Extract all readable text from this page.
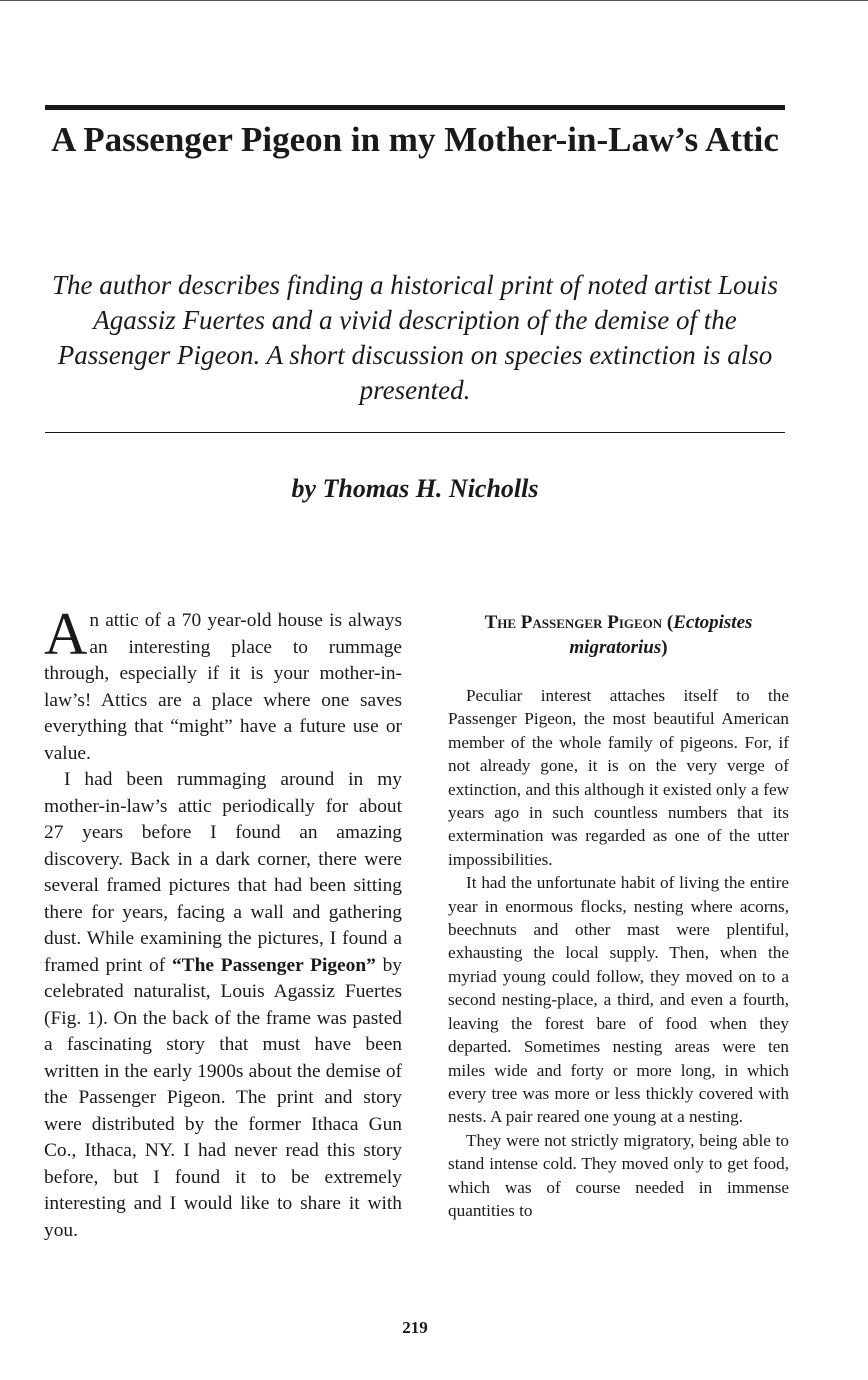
A Passenger Pigeon in my Mother-in-Law’s Attic

The author describes finding a historical print of noted artist Louis Agassiz Fuertes and a vivid description of the demise of the Passenger Pigeon. A short discussion on species extinction is also presented.

by Thomas H. Nicholls

An attic of a 70 year-old house is always an interesting place to rummage through, especially if it is your mother-in-law’s! Attics are a place where one saves everything that “might” have a future use or value.

I had been rummaging around in my mother-in-law’s attic periodically for about 27 years before I found an amazing discovery. Back in a dark corner, there were several framed pictures that had been sitting there for years, facing a wall and gathering dust. While examining the pictures, I found a framed print of “The Passenger Pigeon” by celebrated naturalist, Louis Agassiz Fuertes (Fig. 1). On the back of the frame was pasted a fascinating story that must have been written in the early 1900s about the demise of the Passenger Pigeon. The print and story were distributed by the former Ithaca Gun Co., Ithaca, NY. I had never read this story before, but I found it to be extremely interesting and I would like to share it with you.

The Passenger Pigeon (Ectopistes migratorius)

Peculiar interest attaches itself to the Passenger Pigeon, the most beautiful American member of the whole family of pigeons. For, if not already gone, it is on the very verge of extinction, and this although it existed only a few years ago in such countless numbers that its extermination was regarded as one of the utter impossibilities.

It had the unfortunate habit of living the entire year in enormous flocks, nesting where acorns, beechnuts and other mast were plentiful, exhausting the local supply. Then, when the myriad young could follow, they moved on to a second nesting-place, a third, and even a fourth, leaving the forest bare of food when they departed. Sometimes nesting areas were ten miles wide and forty or more long, in which every tree was more or less thickly covered with nests. A pair reared one young at a nesting.

They were not strictly migratory, being able to stand intense cold. They moved only to get food, which was of course needed in immense quantities to

219
